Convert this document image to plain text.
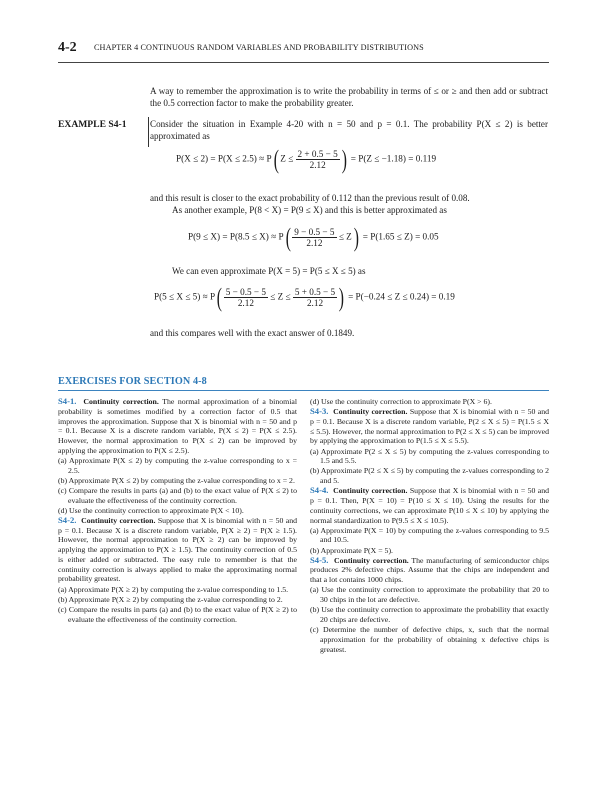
4-2 CHAPTER 4 CONTINUOUS RANDOM VARIABLES AND PROBABILITY DISTRIBUTIONS
A way to remember the approximation is to write the probability in terms of ≤ or ≥ and then add or subtract the 0.5 correction factor to make the probability greater.
EXAMPLE S4-1	Consider the situation in Example 4-20 with n = 50 and p = 0.1. The probability P(X ≤ 2) is better approximated as
P(X ≤ 2) = P(X ≤ 2.5) ≈ P( $Z \le \frac{2 + 0.5 - 5}{2.12}$ ) = P(Z ≤ −1.18) = 0.119
and this result is closer to the exact probability of 0.112 than the previous result of 0.08.
As another example, P(8 < X) = P(9 ≤ X) and this is better approximated as
$P(9 \le X) = P(8.5 \le X) \approx P( \frac{9 - 0.5 - 5}{2.12} \le Z) = P(1.65 \le Z) = 0.05$
We can even approximate P(X = 5) = P(5 ≤ X ≤ 5) as
$P(5 \le X \le 5) \approx P( \frac{5 - 0.5 - 5}{2.12} \le Z \le \frac{5 + 0.5 - 5}{2.12}$ ) = P(−0.24 ≤ Z ≤ 0.24) = 0.19
and this compares well with the exact answer of 0.1849.
EXERCISES FOR SECTION 4-8

S4-1. Continuity correction. The normal approximation of a binomial probability is sometimes modified by a correction factor of 0.5 that improves the approximation. Suppose that X is binomial with n = 50 and p = 0.1. Because X is a discrete random variable, P(X ≤ 2) = P(X ≤ 2.5). However, the normal approximation to P(X ≤ 2) can be improved by applying the approximation to P(X ≤ 2.5).

(a) Approximate P(X ≤ 2) by computing the z-value corresponding to x = 2.5.

(b) Approximate P(X ≤ 2) by computing the z-value corresponding to x = 2.

(c) Compare the results in parts (a) and (b) to the exact value of P(X ≤ 2) to evaluate the effectiveness of the continuity correction.

(d) Use the continuity correction to approximate P(X < 10).

S4-2. Continuity correction. Suppose that X is binomial with n = 50 and p = 0.1. Because X is a discrete random variable, P(X ≥ 2) = P(X ≥ 1.5). However, the normal approximation to P(X ≥ 2) can be improved by applying the approximation to P(X ≥ 1.5). The continuity correction of 0.5 is either added or subtracted. The easy rule to remember is that the continuity correction is always applied to make the approximating normal probability greatest.

(a) Approximate P(X ≥ 2) by computing the z-value corresponding to 1.5.

(b) Approximate P(X ≥ 2) by computing the z-value corresponding to 2.

(c) Compare the results in parts (a) and (b) to the exact value of P(X ≥ 2) to evaluate the effectiveness of the continuity correction.

(d) Use the continuity correction to approximate P(X > 6).

S4-3. Continuity correction. Suppose that X is binomial with n = 50 and p = 0.1. Because X is a discrete random variable, P(2 ≤ X ≤ 5) = P(1.5 ≤ X ≤ 5.5). However, the normal approximation to P(2 ≤ X ≤ 5) can be improved by applying the approximation to P(1.5 ≤ X ≤ 5.5).

(a) Approximate P(2 ≤ X ≤ 5) by computing the z-values corresponding to 1.5 and 5.5.

(b) Approximate P(2 ≤ X ≤ 5) by computing the z-values corresponding to 2 and 5.

S4-4. Continuity correction. Suppose that X is binomial with n = 50 and p = 0.1. Then, P(X = 10) = P(10 ≤ X ≤ 10). Using the results for the continuity corrections, we can approximate P(10 ≤ X ≤ 10) by applying the normal standardization to P(9.5 ≤ X ≤ 10.5).

(a) Approximate P(X = 10) by computing the z-values corresponding to 9.5 and 10.5.

(b) Approximate P(X = 5).

S4-5. Continuity correction. The manufacturing of semiconductor chips produces 2% defective chips. Assume that the chips are independent and that a lot contains 1000 chips.

(a) Use the continuity correction to approximate the probability that 20 to 30 chips in the lot are defective.

(b) Use the continuity correction to approximate the probability that exactly 20 chips are defective.

(c) Determine the number of defective chips, x, such that the normal approximation for the probability of obtaining x defective chips is greatest.
